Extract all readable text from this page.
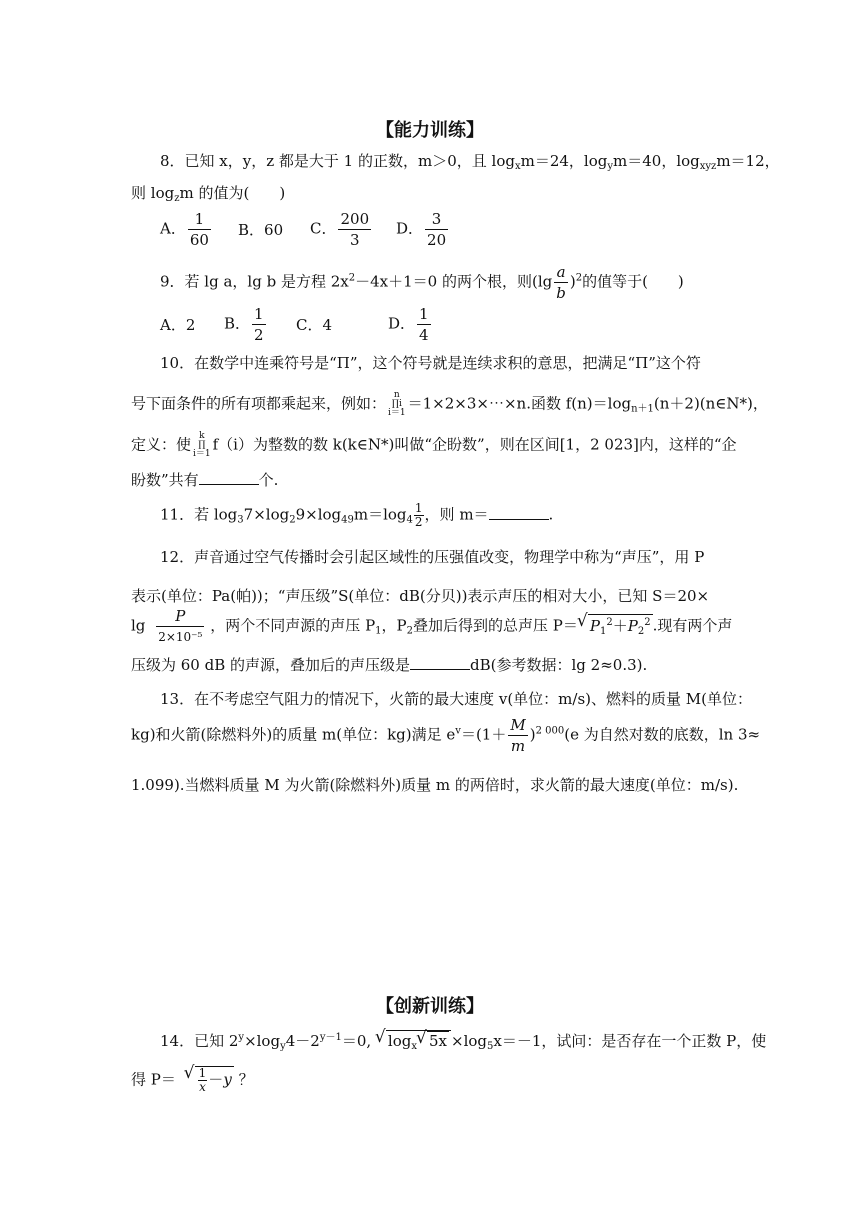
【能力训练】
8．已知 x，y，z 都是大于 1 的正数，m＞0，且 $\log_xm=24$，$\log_ym=40$，$\log_{xyz}m=12$，
则 $\log_zm$ 的值为(　　)
A． $\frac{1}{60}$ B．60 C． $\frac{200}{3}$ D． $\frac{3}{20}$
9．若 lg a，lg b 是方程 $2x^2-4x+1=0$ 的两个根，则$(\lg \frac{a}{b} )^2$的值等于(　　)
A．2 B． $\frac{1}{2}$ C．4	D． $\frac{1}{4}$
10．在数学中连乘符号是“Π”，这个符号就是连续求积的意思，把满足“Π”这个符
号下面条件的所有项都乘起来，例如： n
∏i
i＝1＝1×2×3×⋯×n.函数 $f(n)=\log_{n+1}(n+2)(n\in N*)$，
定义：使 k
∏
i＝1f（i）为整数的数 k(k∈N*)叫做“企盼数”，则在区间[1，2 023]内，这样的“企
盼数”共有	个.
11．若 $\log_37\times\log_29\times\log_{49}m=\log_4 \frac{1}{2}$ ，则 m＝	.
12．声音通过空气传播时会引起区域性的压强值改变，物理学中称为“声压”，用 P
表示(单位：Pa(帕))；“声压级”S(单位：dB(分贝))表示声压的相对大小，已知 S＝20×
$\lg \frac{P}{\text{2×10⁻⁵}}$ ，两个不同声源的声压 $P_1$，$P_2$叠加后得到的总声压 P＝√ $P_1^2+P_2^2$ .现有两个声
压级为 60 dB 的声源，叠加后的声压级是	dB(参考数据：lg 2≈0.3).
13．在不考虑空气阻力的情况下，火箭的最大速度 v(单位：m/s)、燃料的质量 M(单位：
kg)和火箭(除燃料外)的质量 m(单位：kg)满足 $e^v=(1+ \frac{M}{m} )^{2 000}(e$ 为自然对数的底数，ln 3≈
1.099).当燃料质量 M 为火箭(除燃料外)质量 m 的两倍时，求火箭的最大速度(单位：m/s).
【创新训练】
14．已知 $2^y\times\log_y4-2^{y-1}=0$, √ $\log_x√$ $5x \times\log_5x=-1$，试问：是否存在一个正数 P，使
得 P＝
√ $\frac{1}{x} -y$ ？
